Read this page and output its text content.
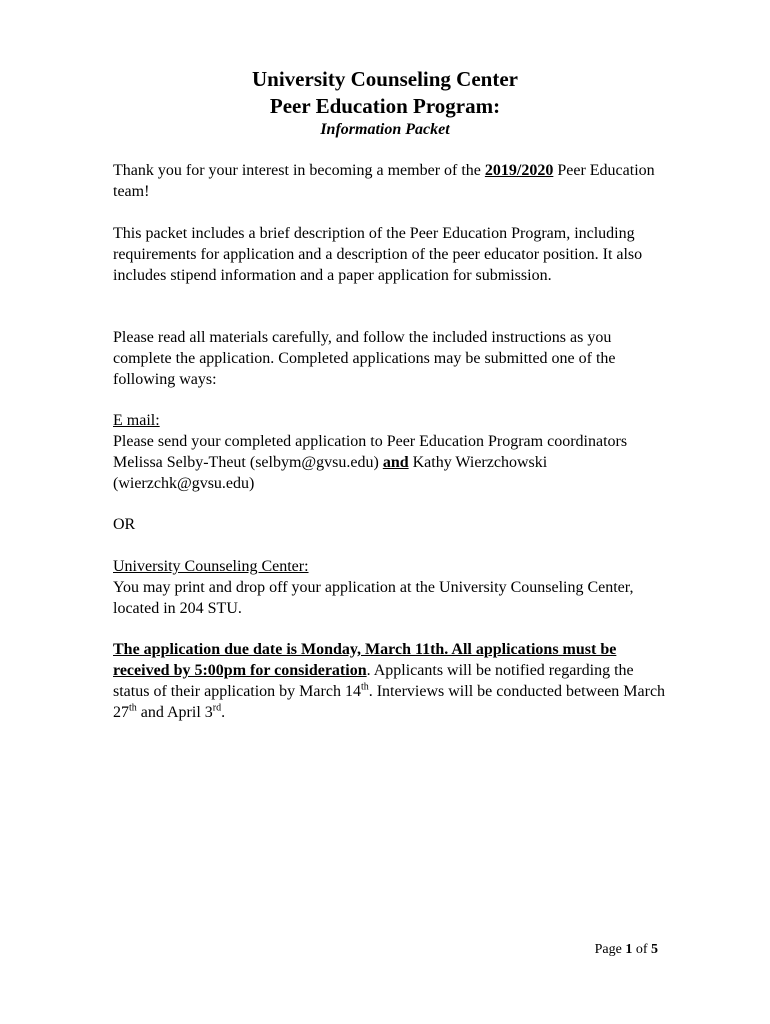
University Counseling Center
Peer Education Program:
Information Packet
Thank you for your interest in becoming a member of the 2019/2020 Peer Education team!
This packet includes a brief description of the Peer Education Program, including requirements for application and a description of the peer educator position. It also includes stipend information and a paper application for submission.
Please read all materials carefully, and follow the included instructions as you complete the application. Completed applications may be submitted one of the following ways:
E mail:
Please send your completed application to Peer Education Program coordinators Melissa Selby-Theut (selbym@gvsu.edu) and Kathy Wierzchowski (wierzchk@gvsu.edu)
OR
University Counseling Center:
You may print and drop off your application at the University Counseling Center, located in 204 STU.
The application due date is Monday, March 11th. All applications must be received by 5:00pm for consideration. Applicants will be notified regarding the status of their application by March 14th. Interviews will be conducted between March 27th and April 3rd.
Page 1 of 5
